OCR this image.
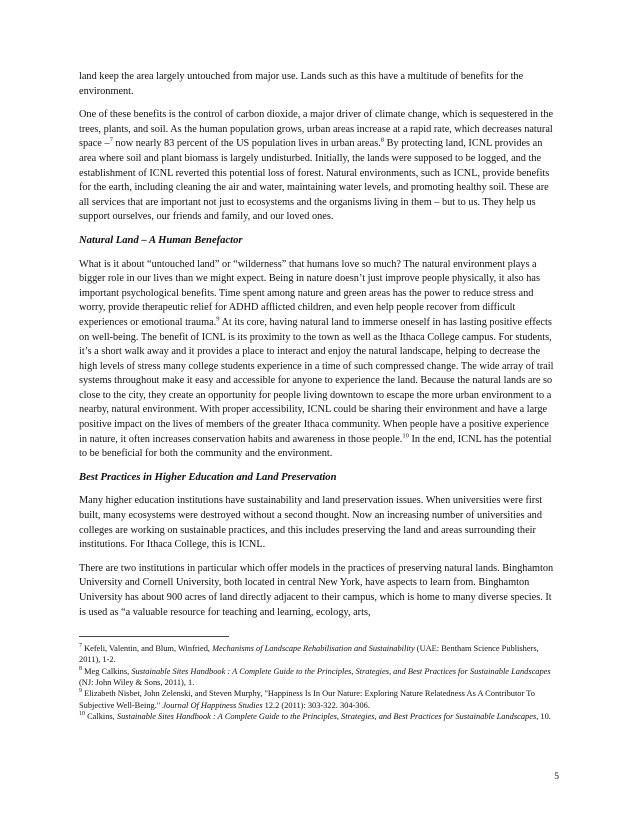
land keep the area largely untouched from major use. Lands such as this have a multitude of benefits for the environment.

One of these benefits is the control of carbon dioxide, a major driver of climate change, which is sequestered in the trees, plants, and soil. As the human population grows, urban areas increase at a rapid rate, which decreases natural space –$^7$ now nearly 83 percent of the US population lives in urban areas.$^8$ By protecting land, ICNL provides an area where soil and plant biomass is largely undisturbed. Initially, the lands were supposed to be logged, and the establishment of ICNL reverted this potential loss of forest. Natural environments, such as ICNL, provide benefits for the earth, including cleaning the air and water, maintaining water levels, and promoting healthy soil. These are all services that are important not just to ecosystems and the organisms living in them – but to us. They help us support ourselves, our friends and family, and our loved ones.

Natural Land – A Human Benefactor

What is it about “untouched land” or “wilderness” that humans love so much? The natural environment plays a bigger role in our lives than we might expect. Being in nature doesn’t just improve people physically, it also has important psychological benefits. Time spent among nature and green areas has the power to reduce stress and worry, provide therapeutic relief for ADHD afflicted children, and even help people recover from difficult experiences or emotional trauma.$^9$ At its core, having natural land to immerse oneself in has lasting positive effects on well-being. The benefit of ICNL is its proximity to the town as well as the Ithaca College campus. For students, it’s a short walk away and it provides a place to interact and enjoy the natural landscape, helping to decrease the high levels of stress many college students experience in a time of such compressed change. The wide array of trail systems throughout make it easy and accessible for anyone to experience the land. Because the natural lands are so close to the city, they create an opportunity for people living downtown to escape the more urban environment to a nearby, natural environment. With proper accessibility, ICNL could be sharing their environment and have a large positive impact on the lives of members of the greater Ithaca community. When people have a positive experience in nature, it often increases conservation habits and awareness in those people.$^{10}$ In the end, ICNL has the potential to be beneficial for both the community and the environment.

Best Practices in Higher Education and Land Preservation

Many higher education institutions have sustainability and land preservation issues. When universities were first built, many ecosystems were destroyed without a second thought. Now an increasing number of universities and colleges are working on sustainable practices, and this includes preserving the land and areas surrounding their institutions. For Ithaca College, this is ICNL.

There are two institutions in particular which offer models in the practices of preserving natural lands. Binghamton University and Cornell University, both located in central New York, have aspects to learn from. Binghamton University has about 900 acres of land directly adjacent to their campus, which is home to many diverse species. It is used as “a valuable resource for teaching and learning, ecology, arts,

$^7$ Kefeli, Valentin, and Blum, Winfried, Mechanisms of Landscape Rehabilisation and Sustainability (UAE: Bentham Science Publishers, 2011), 1-2.

$^8$ Meg Calkins, Sustainable Sites Handbook : A Complete Guide to the Principles, Strategies, and Best Practices for Sustainable Landscapes (NJ: John Wiley & Sons, 2011), 1.

$^9$ Elizabeth Nisbet, John Zelenski, and Steven Murphy, "Happiness Is In Our Nature: Exploring Nature Relatedness As A Contributor To Subjective Well-Being." Journal Of Happiness Studies 12.2 (2011): 303-322. 304-306.

$^{10}$ Calkins, Sustainable Sites Handbook : A Complete Guide to the Principles, Strategies, and Best Practices for Sustainable Landscapes, 10.

5
